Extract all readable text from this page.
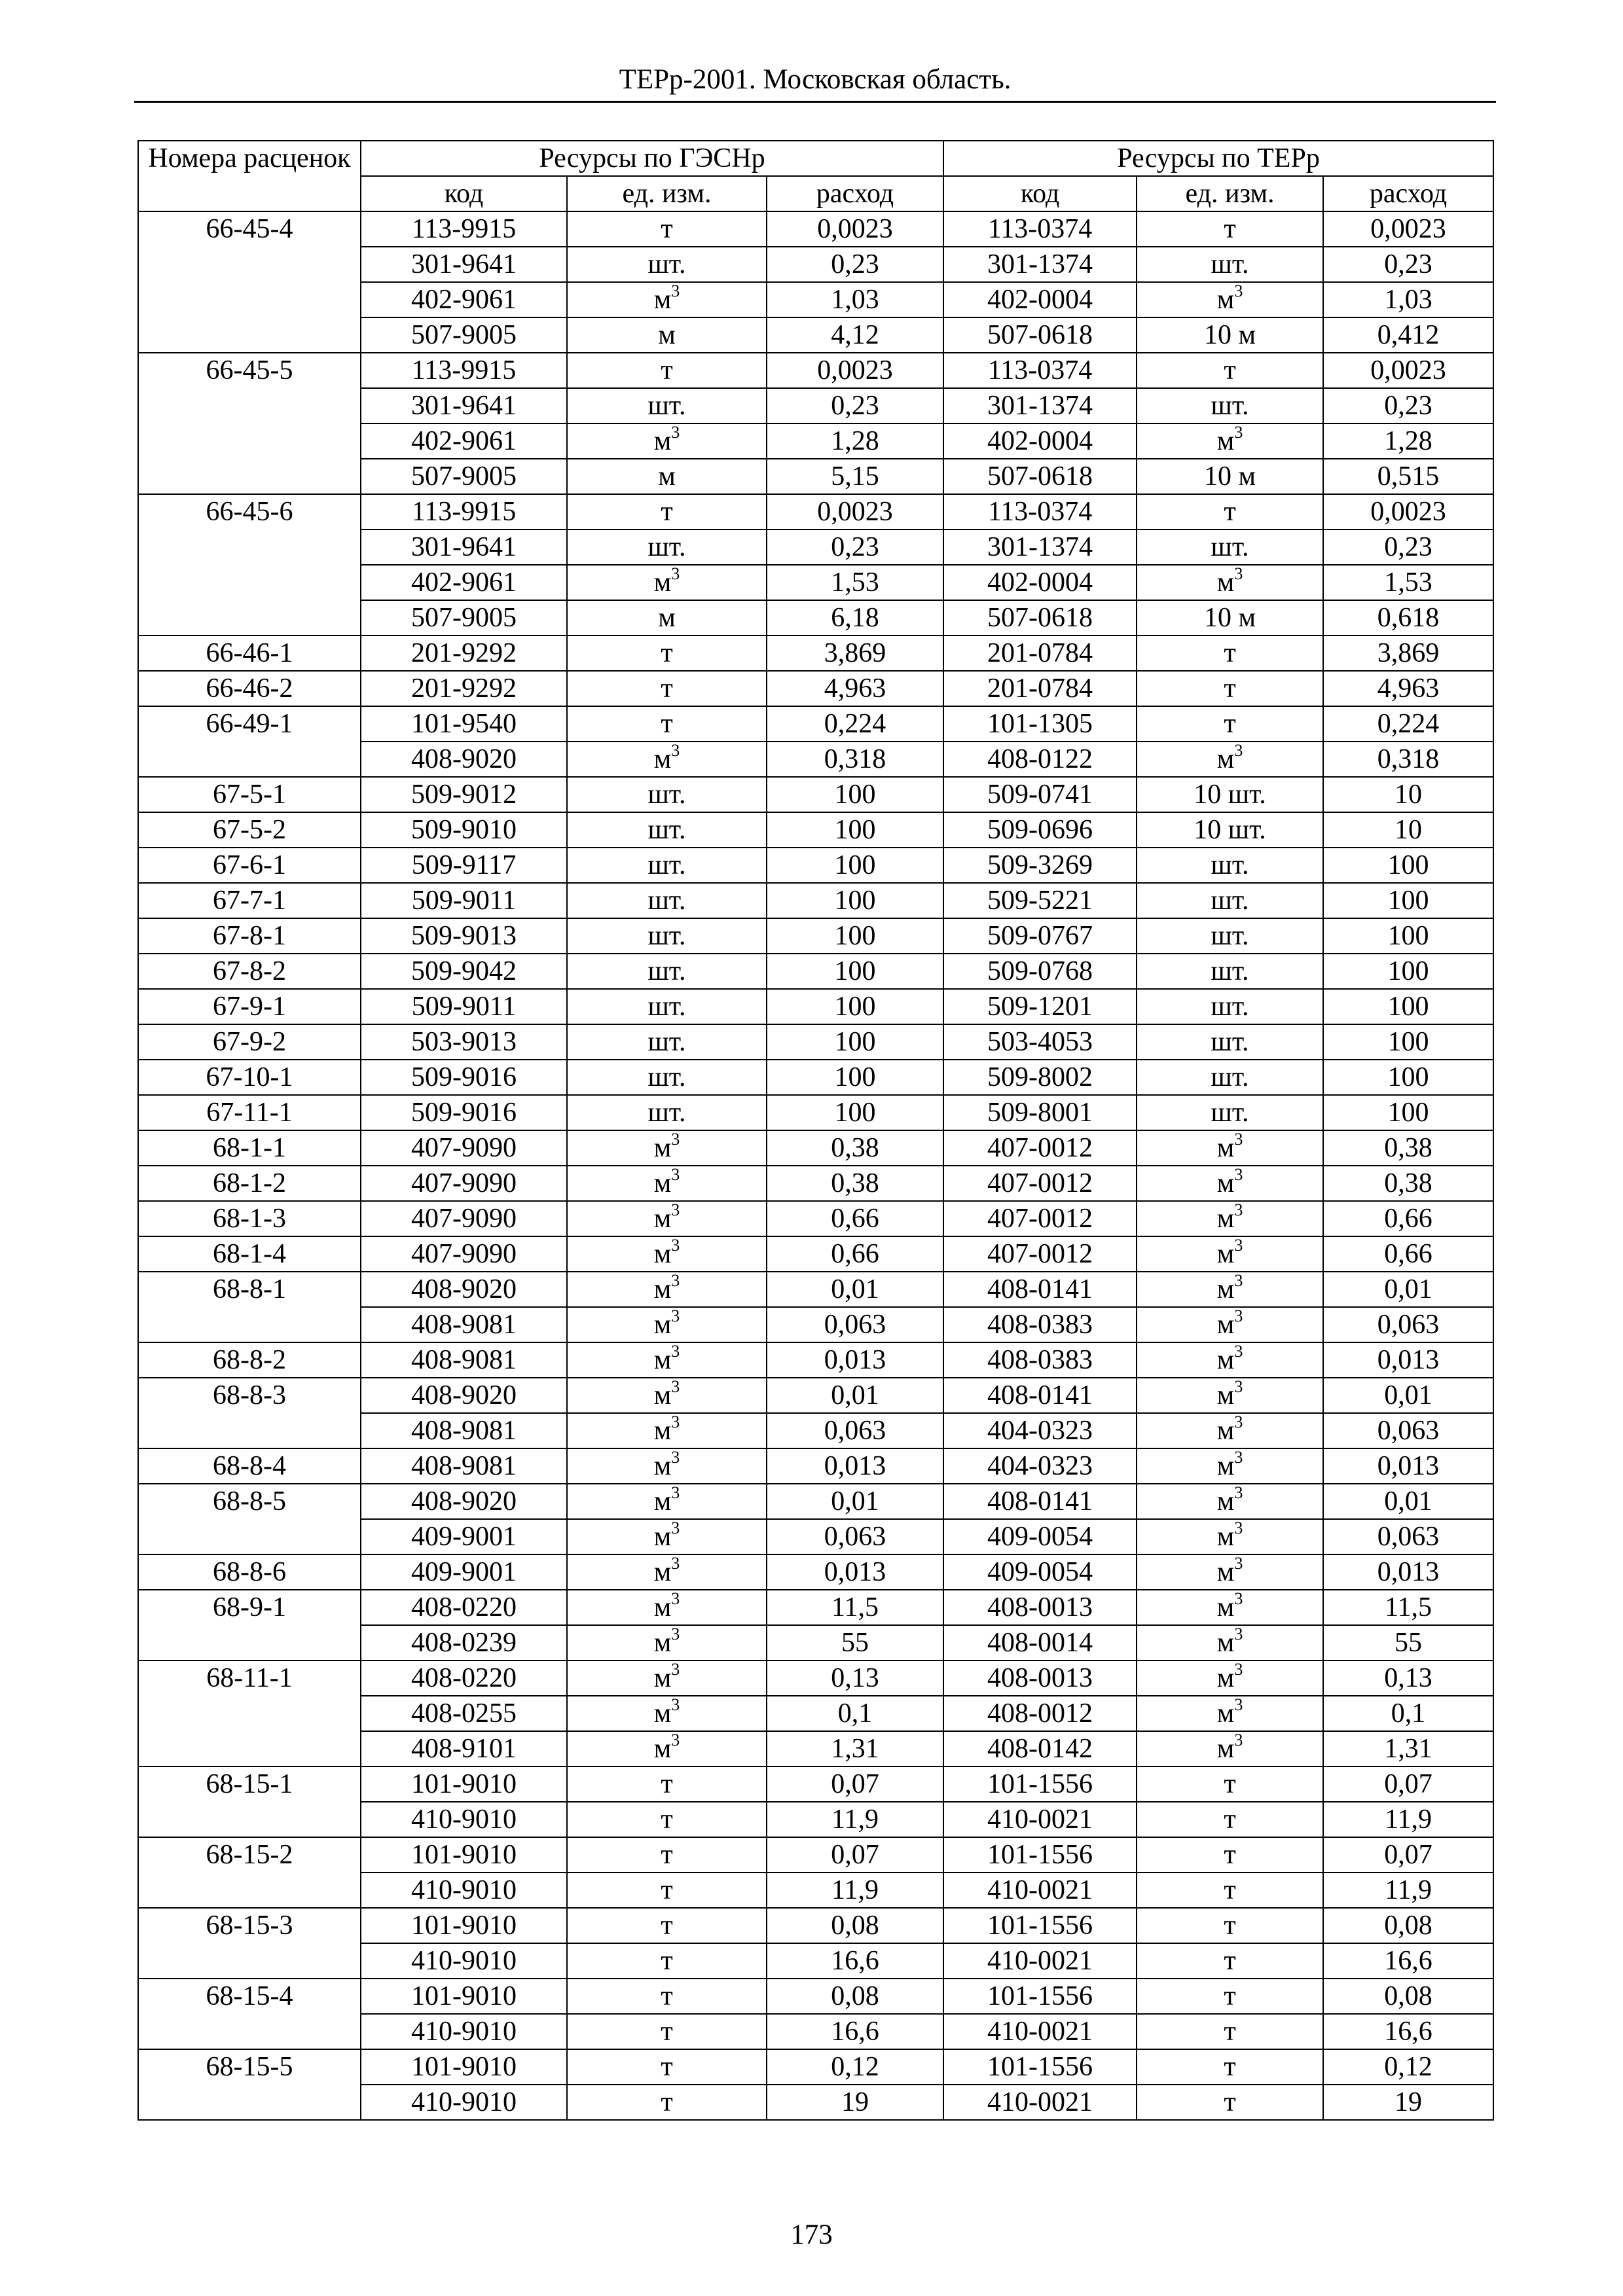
ТЕРр-2001. Московская область.
Номера расценок	Ресурсы по ГЭСНр			Ресурсы по ТЕРр		
	код	ед. изм.	расход	код	ед. изм.	расход
66-45-4	113-9915	т	0,0023	113-0374	т	0,0023
	301-9641	шт.	0,23	301-1374	шт.	0,23
	402-9061	$м^3$	1,03	402-0004	$м^3$	1,03
	507-9005	м	4,12	507-0618	10 м	0,412
66-45-5	113-9915	т	0,0023	113-0374	т	0,0023
	301-9641	шт.	0,23	301-1374	шт.	0,23
	402-9061	$м^3$	1,28	402-0004	$м^3$	1,28
	507-9005	м	5,15	507-0618	10 м	0,515
66-45-6	113-9915	т	0,0023	113-0374	т	0,0023
	301-9641	шт.	0,23	301-1374	шт.	0,23
	402-9061	$м^3$	1,53	402-0004	$м^3$	1,53
	507-9005	м	6,18	507-0618	10 м	0,618
66-46-1	201-9292	т	3,869	201-0784	т	3,869
66-46-2	201-9292	т	4,963	201-0784	т	4,963
66-49-1	101-9540	т	0,224	101-1305	т	0,224
	408-9020	$м^3$	0,318	408-0122	$м^3$	0,318
67-5-1	509-9012	шт.	100	509-0741	10 шт.	10
67-5-2	509-9010	шт.	100	509-0696	10 шт.	10
67-6-1	509-9117	шт.	100	509-3269	шт.	100
67-7-1	509-9011	шт.	100	509-5221	шт.	100
67-8-1	509-9013	шт.	100	509-0767	шт.	100
67-8-2	509-9042	шт.	100	509-0768	шт.	100
67-9-1	509-9011	шт.	100	509-1201	шт.	100
67-9-2	503-9013	шт.	100	503-4053	шт.	100
67-10-1	509-9016	шт.	100	509-8002	шт.	100
67-11-1	509-9016	шт.	100	509-8001	шт.	100
68-1-1	407-9090	$м^3$	0,38	407-0012	$м^3$	0,38
68-1-2	407-9090	$м^3$	0,38	407-0012	$м^3$	0,38
68-1-3	407-9090	$м^3$	0,66	407-0012	$м^3$	0,66
68-1-4	407-9090	$м^3$	0,66	407-0012	$м^3$	0,66
68-8-1	408-9020	$м^3$	0,01	408-0141	$м^3$	0,01
	408-9081	$м^3$	0,063	408-0383	$м^3$	0,063
68-8-2	408-9081	$м^3$	0,013	408-0383	$м^3$	0,013
68-8-3	408-9020	$м^3$	0,01	408-0141	$м^3$	0,01
	408-9081	$м^3$	0,063	404-0323	$м^3$	0,063
68-8-4	408-9081	$м^3$	0,013	404-0323	$м^3$	0,013
68-8-5	408-9020	$м^3$	0,01	408-0141	$м^3$	0,01
	409-9001	$м^3$	0,063	409-0054	$м^3$	0,063
68-8-6	409-9001	$м^3$	0,013	409-0054	$м^3$	0,013
68-9-1	408-0220	$м^3$	11,5	408-0013	$м^3$	11,5
	408-0239	$м^3$	55	408-0014	$м^3$	55
68-11-1	408-0220	$м^3$	0,13	408-0013	$м^3$	0,13
	408-0255	$м^3$	0,1	408-0012	$м^3$	0,1
	408-9101	$м^3$	1,31	408-0142	$м^3$	1,31
68-15-1	101-9010	т	0,07	101-1556	т	0,07
	410-9010	т	11,9	410-0021	т	11,9
68-15-2	101-9010	т	0,07	101-1556	т	0,07
	410-9010	т	11,9	410-0021	т	11,9
68-15-3	101-9010	т	0,08	101-1556	т	0,08
	410-9010	т	16,6	410-0021	т	16,6
68-15-4	101-9010	т	0,08	101-1556	т	0,08
	410-9010	т	16,6	410-0021	т	16,6
68-15-5	101-9010	т	0,12	101-1556	т	0,12
	410-9010	т	19	410-0021	т	19
173
